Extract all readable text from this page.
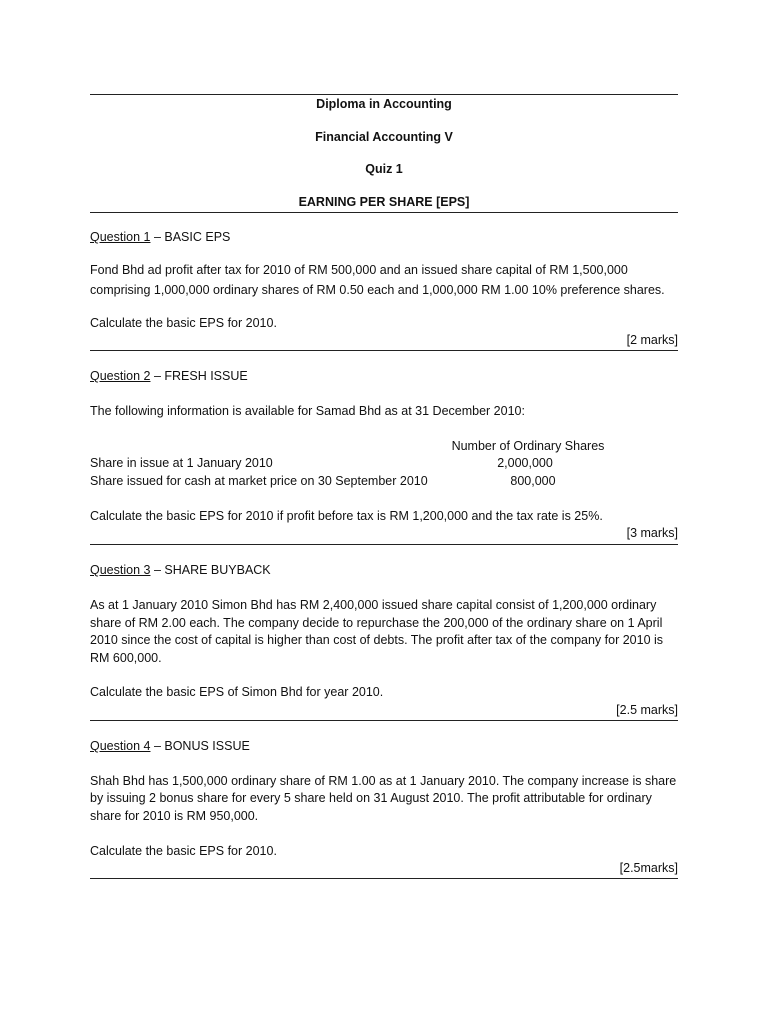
Diploma in Accounting
Financial Accounting V
Quiz 1
EARNING PER SHARE [EPS]
Question 1 – BASIC EPS
Fond Bhd ad profit after tax for 2010 of RM 500,000 and an issued share capital of RM 1,500,000
comprising 1,000,000 ordinary shares of RM 0.50 each and 1,000,000 RM 1.00 10% preference shares.
Calculate the basic EPS for 2010.
[2 marks]
Question 2 – FRESH ISSUE
The following information is available for Samad Bhd as at 31 December 2010:
Number of Ordinary Shares
Share in issue at 1 January 2010	2,000,000
Share issued for cash at market price on 30 September 2010	800,000
Calculate the basic EPS for 2010 if profit before tax is RM 1,200,000 and the tax rate is 25%.
[3 marks]
Question 3 – SHARE BUYBACK
As at 1 January 2010 Simon Bhd has RM 2,400,000 issued share capital consist of 1,200,000 ordinary
share of RM 2.00 each. The company decide to repurchase the 200,000 of the ordinary share on 1 April
2010 since the cost of capital is higher than cost of debts. The profit after tax of the company for 2010 is
RM 600,000.
Calculate the basic EPS of Simon Bhd for year 2010.
[2.5 marks]
Question 4 – BONUS ISSUE
Shah Bhd has 1,500,000 ordinary share of RM 1.00 as at 1 January 2010. The company increase is share
by issuing 2 bonus share for every 5 share held on 31 August 2010. The profit attributable for ordinary
share for 2010 is RM 950,000.
Calculate the basic EPS for 2010.
[2.5marks]
